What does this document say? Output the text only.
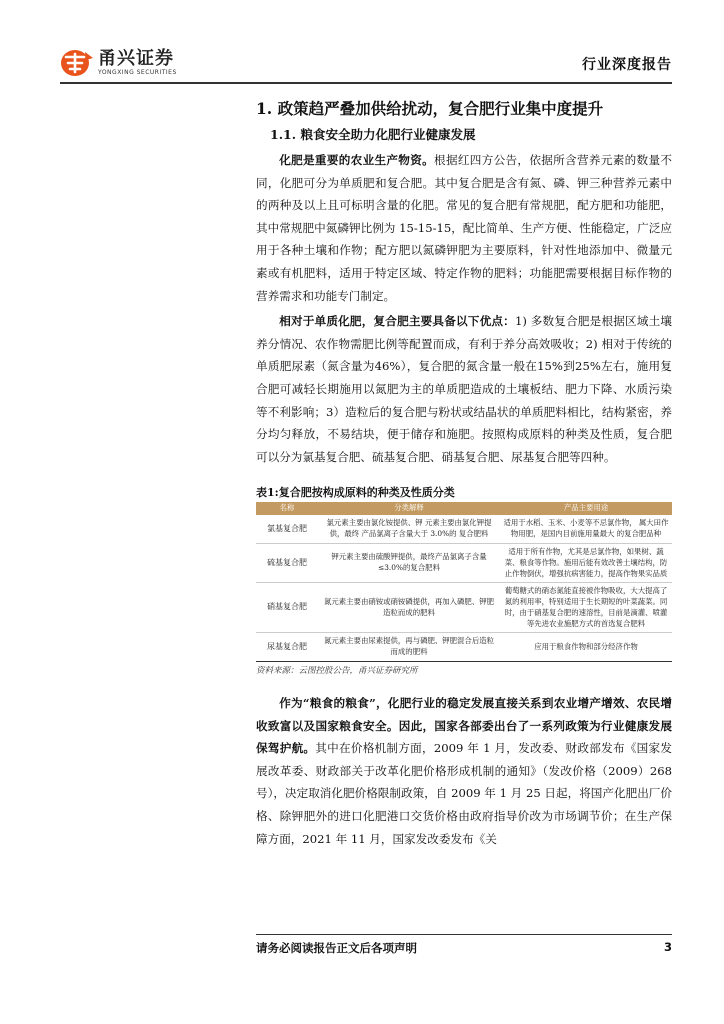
甬兴证券
YONGXING SECURITIES	行业深度报告
1. 政策趋严叠加供给扰动，复合肥行业集中度提升
1.1. 粮食安全助力化肥行业健康发展

化肥是重要的农业生产物资。根据红四方公告，依据所含营养元素的数量不同，化肥可分为单质肥和复合肥。其中复合肥是含有氮、磷、钾三种营养元素中的两种及以上且可标明含量的化肥。常见的复合肥有常规肥，配方肥和功能肥，其中常规肥中氮磷钾比例为 15-15-15，配比简单、生产方便、性能稳定，广泛应用于各种土壤和作物；配方肥以氮磷钾肥为主要原料，针对性地添加中、微量元素或有机肥料，适用于特定区域、特定作物的肥料；功能肥需要根据目标作物的营养需求和功能专门制定。

相对于单质化肥，复合肥主要具备以下优点：1) 多数复合肥是根据区域土壤养分情况、农作物需肥比例等配置而成，有利于养分高效吸收；2) 相对于传统的单质肥尿素（氮含量为46%），复合肥的氮含量一般在15%到25%左右，施用复合肥可减轻长期施用以氮肥为主的单质肥造成的土壤板结、肥力下降、水质污染等不利影响；3）造粒后的复合肥与粉状或结晶状的单质肥料相比，结构紧密，养分均匀释放，不易结块，便于储存和施肥。按照构成原料的种类及性质，复合肥可以分为氯基复合肥、硫基复合肥、硝基复合肥、尿基复合肥等四种。

表1:复合肥按构成原料的种类及性质分类
名称	分类解释	产品主要用途
氯基复合肥	氯元素主要由氯化铵提供、钾 元素主要由氯化钾提供，最终 产品氯离子含量大于 3.0%的 复合肥料	适用于水稻、玉米、小麦等不忌氯作物， 属大田作物用肥，是国内目前施用量最大 的复合肥品种
硫基复合肥	钾元素主要由硫酸钾提供，最终产品氯离子含量≤3.0%的复合肥料	适用于所有作物，尤其是忌氯作物，如果树、蔬菜、粮食等作物。施用后能有效改善土壤结构，防止作物倒伏，增强抗病害能力，提高作物果实品质
硝基复合肥	氮元素主要由硝铵或硝铵磷提供，再加入磷肥、钾肥造粒而成的肥料	葡萄糖式的硝态氮能直接被作物吸收，大大提高了氮的利用率，特别适用于生长期短的叶菜蔬菜。同时，由于硝基复合肥的速溶性，目前是滴灌、喷灌等先进农业施肥方式的首选复合肥料
尿基复合肥	氮元素主要由尿素提供，再与磷肥、钾肥混合后造粒而成的肥料	应用于粮食作物和部分经济作物
资料来源：云图控股公告，甬兴证券研究所

作为“粮食的粮食”，化肥行业的稳定发展直接关系到农业增产增效、农民增收致富以及国家粮食安全。因此，国家各部委出台了一系列政策为行业健康发展保驾护航。其中在价格机制方面，2009 年 1 月，发改委、财政部发布《国家发展改革委、财政部关于改革化肥价格形成机制的通知》（发改价格（2009）268 号），决定取消化肥价格限制政策，自 2009 年 1 月 25 日起，将国产化肥出厂价格、除钾肥外的进口化肥港口交货价格由政府指导价改为市场调节价；在生产保障方面，2021 年 11 月，国家发改委发布《关

请务必阅读报告正文后各项声明	3
